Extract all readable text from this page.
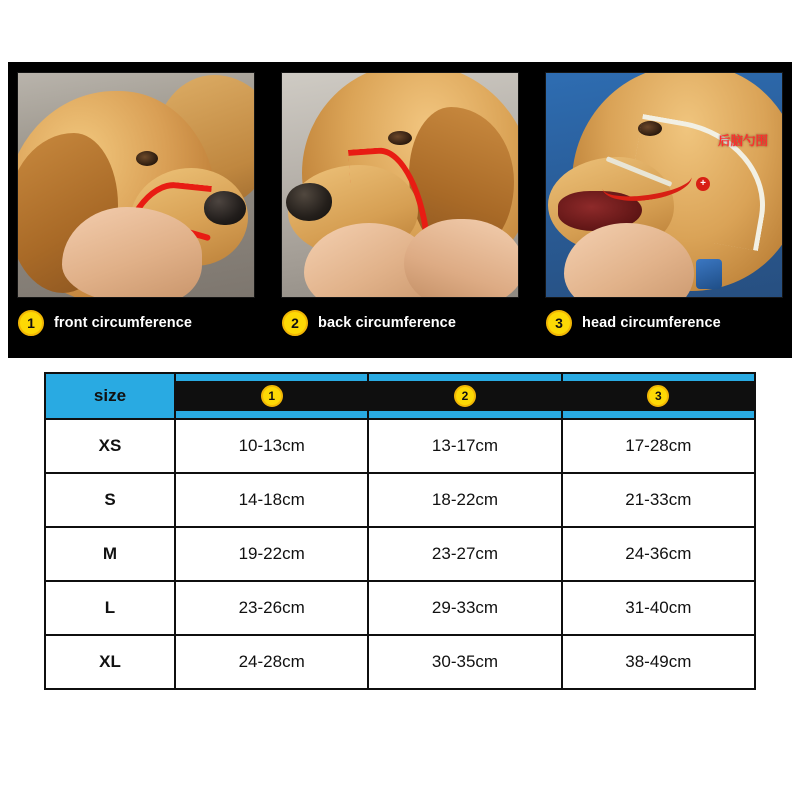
1	front circumference	2	back circumference
+
后脑勺围
3	head circumference
size	1	2	3

XS	10-13cm	13-17cm	17-28cm
S	14-18cm	18-22cm	21-33cm
M	19-22cm	23-27cm	24-36cm
L	23-26cm	29-33cm	31-40cm
XL	24-28cm	30-35cm	38-49cm
